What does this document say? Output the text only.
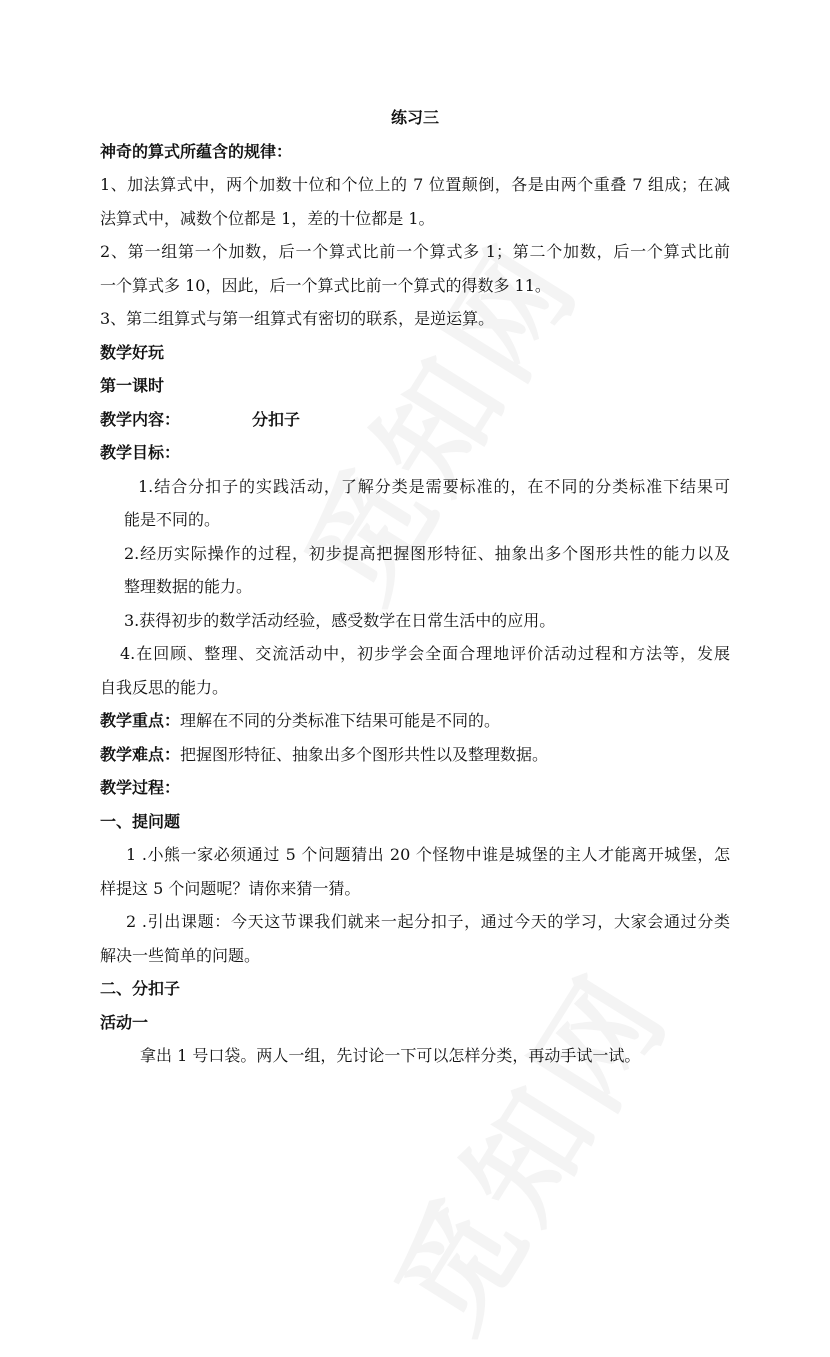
练习三
神奇的算式所蕴含的规律：
1、加法算式中，两个加数十位和个位上的 7 位置颠倒，各是由两个重叠 7 组成；在减
法算式中，减数个位都是 1，差的十位都是 1。
2、第一组第一个加数，后一个算式比前一个算式多 1；第二个加数，后一个算式比前
一个算式多 10，因此，后一个算式比前一个算式的得数多 11。
3、第二组算式与第一组算式有密切的联系，是逆运算。
数学好玩
第一课时
教学内容：	分扣子
教学目标：
1.结合分扣子的实践活动，了解分类是需要标准的，在不同的分类标准下结果可
能是不同的。
2.经历实际操作的过程，初步提高把握图形特征、抽象出多个图形共性的能力以及
整理数据的能力。
3.获得初步的数学活动经验，感受数学在日常生活中的应用。
4.在回顾、整理、交流活动中，初步学会全面合理地评价活动过程和方法等，发展
自我反思的能力。
教学重点：理解在不同的分类标准下结果可能是不同的。
教学难点：把握图形特征、抽象出多个图形共性以及整理数据。
教学过程：
一、提问题
1 .小熊一家必须通过 5 个问题猜出 20 个怪物中谁是城堡的主人才能离开城堡，怎
样提这 5 个问题呢？请你来猜一猜。
2 .引出课题：今天这节课我们就来一起分扣子，通过今天的学习，大家会通过分类
解决一些简单的问题。
二、分扣子
活动一
拿出 1 号口袋。两人一组，先讨论一下可以怎样分类，再动手试一试。
